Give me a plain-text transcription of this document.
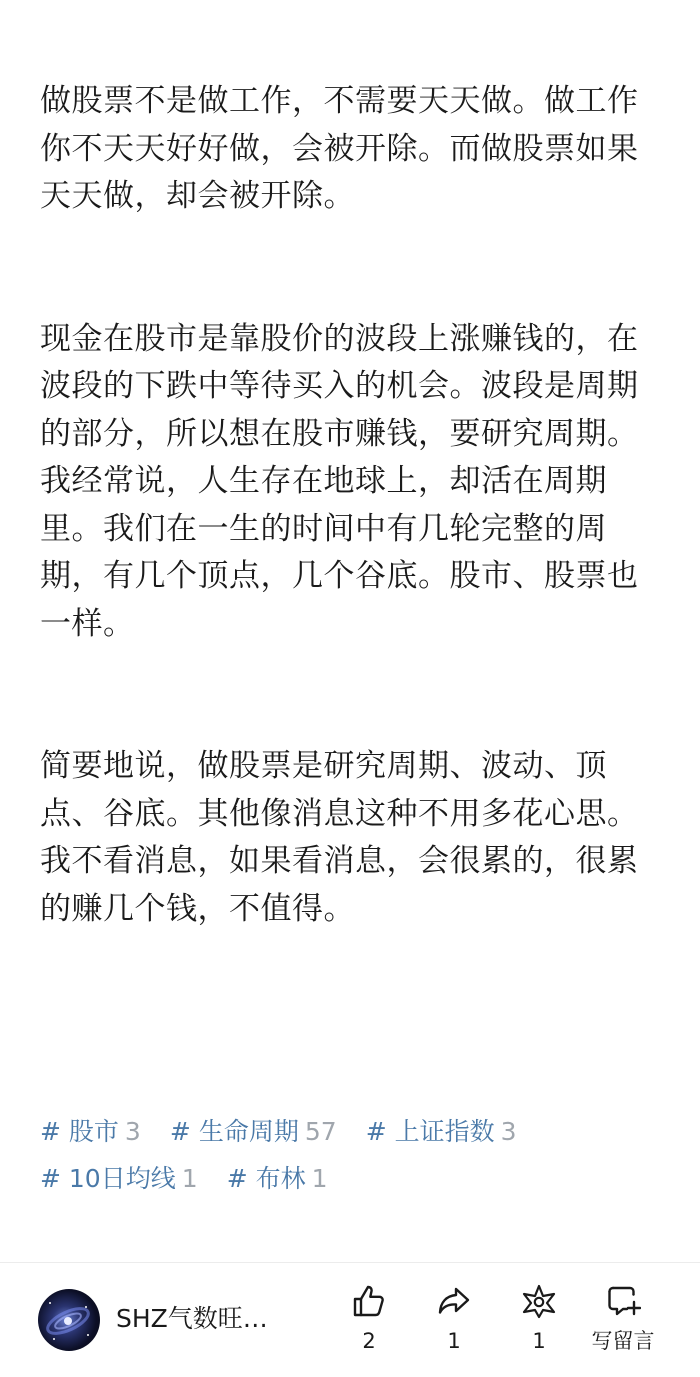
做股票不是做工作，不需要天天做。做工作你不天天好好做，会被开除。而做股票如果天天做，却会被开除。

现金在股市是靠股价的波段上涨赚钱的，在波段的下跌中等待买入的机会。波段是周期的部分，所以想在股市赚钱，要研究周期。我经常说，人生存在地球上，却活在周期里。我们在一生的时间中有几轮完整的周期，有几个顶点，几个谷底。股市、股票也一样。

简要地说，做股票是研究周期、波动、顶点、谷底。其他像消息这种不用多花心思。我不看消息，如果看消息，会很累的，很累的赚几个钱，不值得。

# 股市 3 # 生命周期 57 # 上证指数 3
# 10日均线 1 # 布林 1
SHZ气数旺…
2	1	1	写留言
